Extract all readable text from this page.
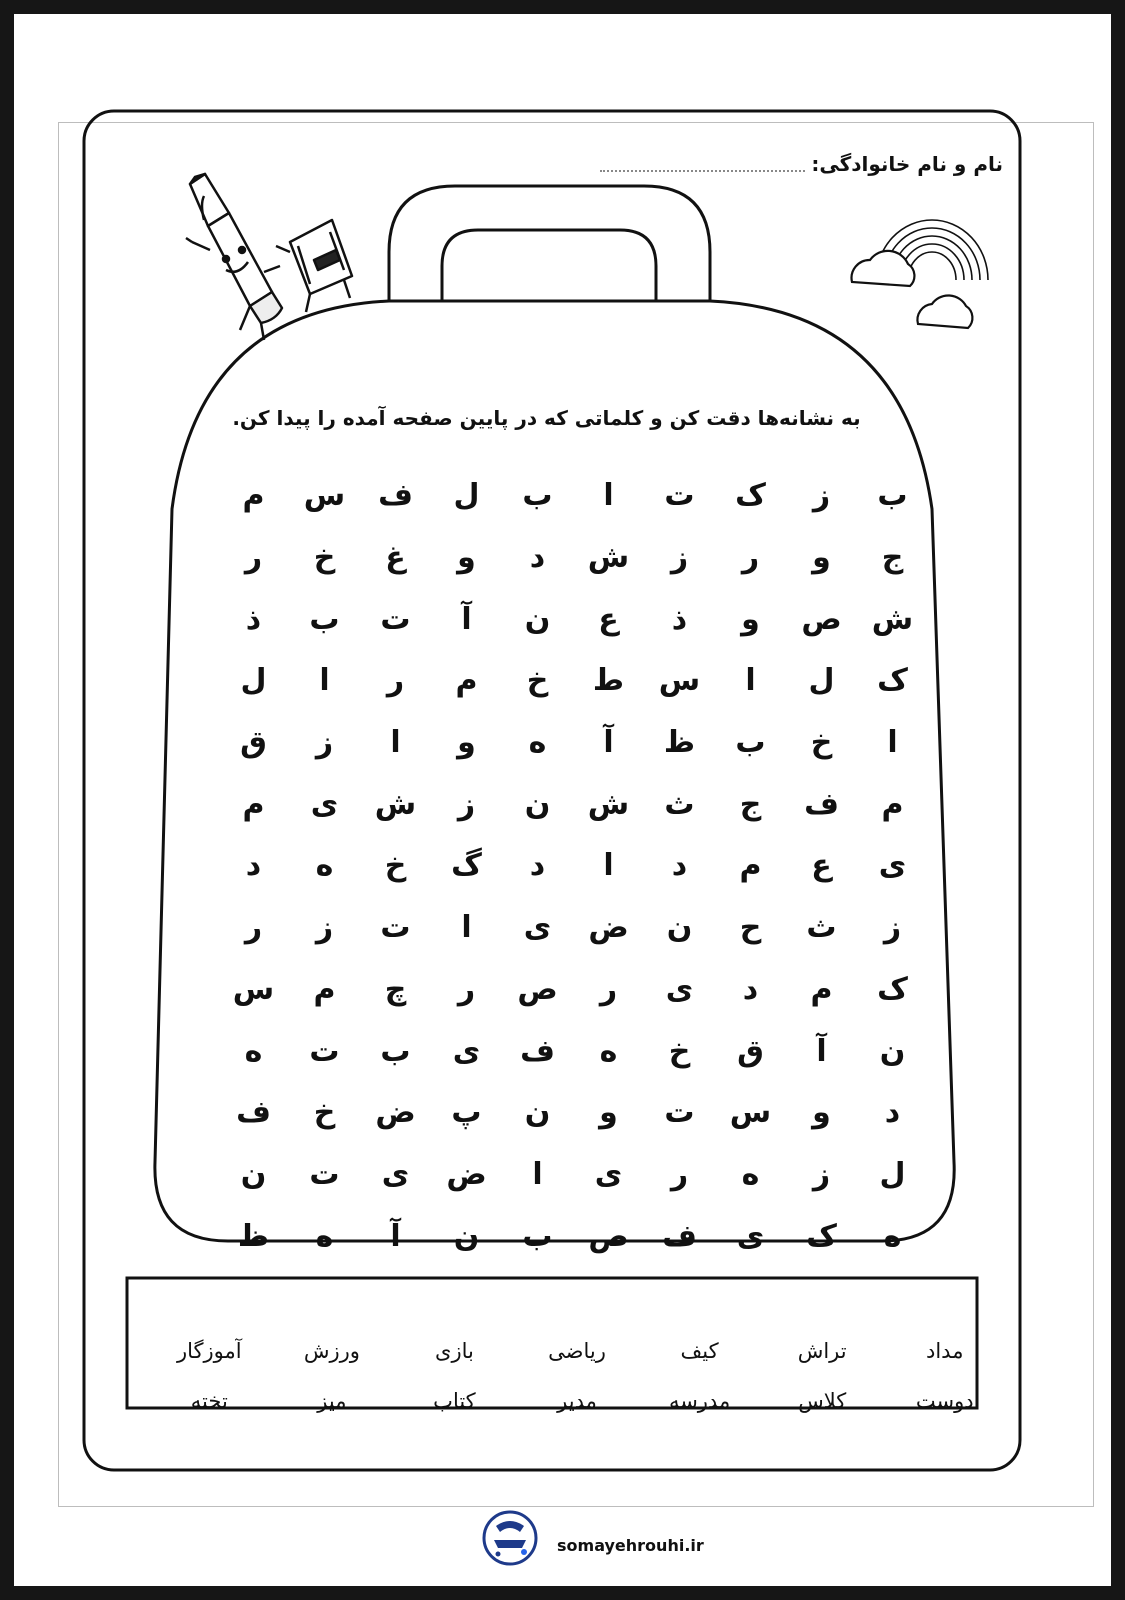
نام و نام خانوادگی:
به نشانه‌ها دقت کن و کلماتی که در پایین صفحه آمده را پیدا کن.
ب
ز
ک
ت
ا
ب
ل
ف
س
م
ج
و
ر
ز
ش
د
و
غ
خ
ر
ش
ص
و
ذ
ع
ن
آ
ت
ب
ذ
ک
ل
ا
س
ط
خ
م
ر
ا
ل
ا
خ
ب
ظ
آ
ه
و
ا
ز
ق
م
ف
ج
ث
ش
ن
ز
ش
ی
م
ی
ع
م
د
ا
د
گ
خ
ه
د
ز
ث
ح
ن
ض
ی
ا
ت
ز
ر
ک
م
د
ی
ر
ص
ر
چ
م
س
ن
آ
ق
خ
ه
ف
ی
ب
ت
ه
د
و
س
ت
و
ن
پ
ض
خ
ف
ل
ز
ه
ر
ی
ا
ض
ی
ت
ن
ه
ک
ی
ف
ص
ب
ن
آ
ه
ظ
مداد
تراش
کیف
ریاضی
بازی
ورزش
آموزگار
دوست
کلاس
مدرسه
مدیر
کتاب
میز
تخته
somayehrouhi.ir
